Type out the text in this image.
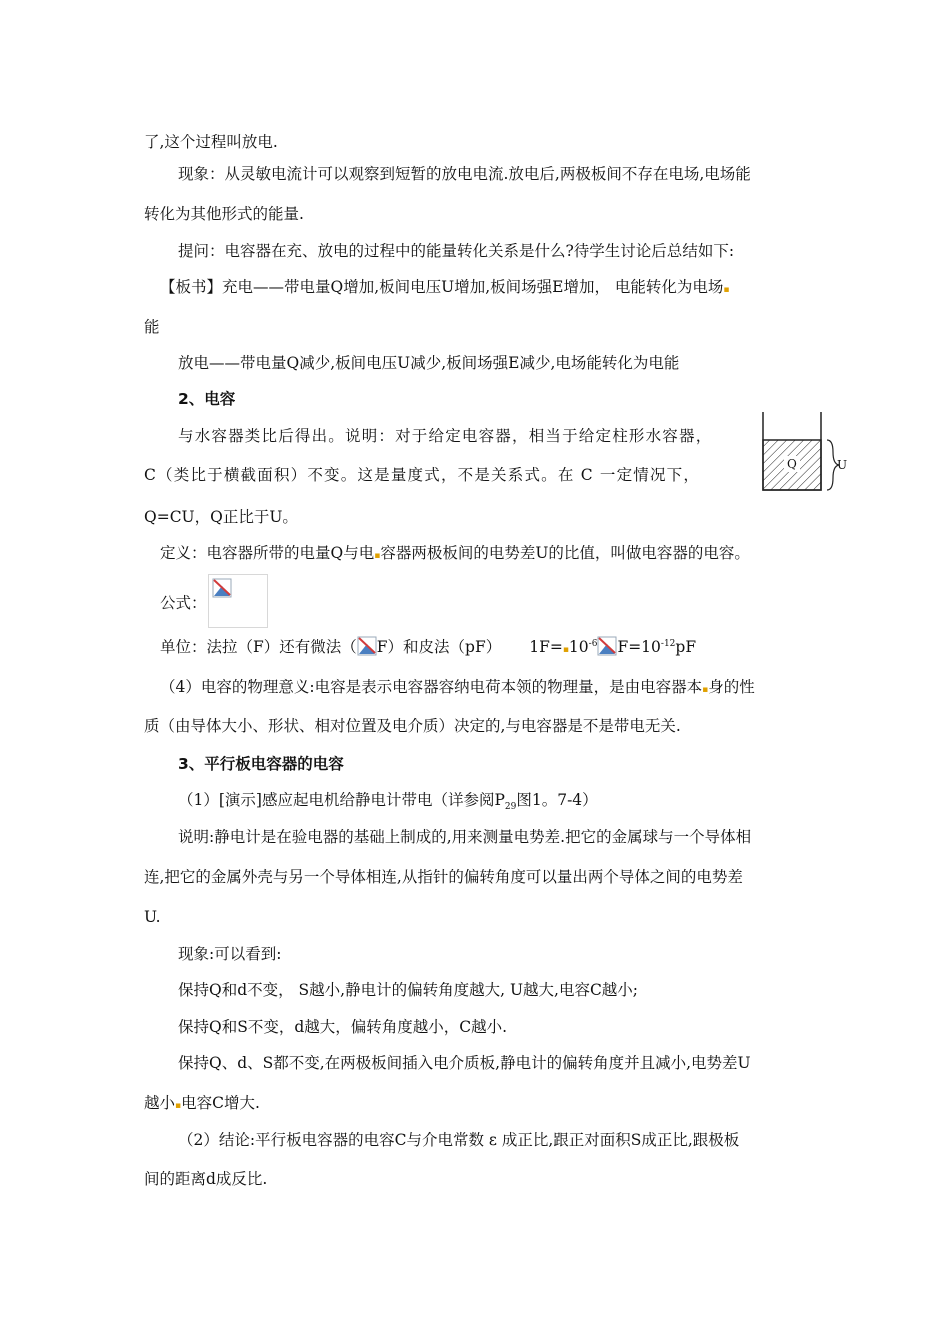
了,这个过程叫放电.
现象：从灵敏电流计可以观察到短暂的放电电流.放电后,两极板间不存在电场,电场能
转化为其他形式的能量.
提问：电容器在充、放电的过程中的能量转化关系是什么?待学生讨论后总结如下:
【板书】充电——带电量Q增加,板间电压U增加,板间场强E增加， 电能转化为电场▪
能
放电——带电量Q减少,板间电压U减少,板间场强E减少,电场能转化为电能
2、电容
与水容器类比后得出。说明：对于给定电容器，相当于给定柱形水容器，
C（类比于横截面积）不变。这是量度式，不是关系式。在 C 一定情况下，
Q=CU，Q正比于U。
Q	U
定义：电容器所带的电量Q与电▪容器两极板间的电势差U的比值，叫做电容器的电容。
公式：
单位：法拉（F）还有微法（ F）和皮法（pF） $1F=▪10^{-6}$ $F=10^{-12}pF$
（4）电容的物理意义:电容是表示电容器容纳电荷本领的物理量，是由电容器本▪身的性
质（由导体大小、形状、相对位置及电介质）决定的,与电容器是不是带电无关.
3、平行板电容器的电容
（1）[演示]感应起电机给静电计带电（详参阅$P_{29}$图1。7-4）
说明:静电计是在验电器的基础上制成的,用来测量电势差.把它的金属球与一个导体相
连,把它的金属外壳与另一个导体相连,从指针的偏转角度可以量出两个导体之间的电势差
U.
现象:可以看到:
保持Q和d不变， S越小,静电计的偏转角度越大, U越大,电容C越小;
保持Q和S不变，d越大，偏转角度越小，C越小.
保持Q、d、S都不变,在两极板间插入电介质板,静电计的偏转角度并且减小,电势差U
越小▪电容C增大.
（2）结论:平行板电容器的电容C与介电常数 ε 成正比,跟正对面积S成正比,跟极板
间的距离d成反比.
